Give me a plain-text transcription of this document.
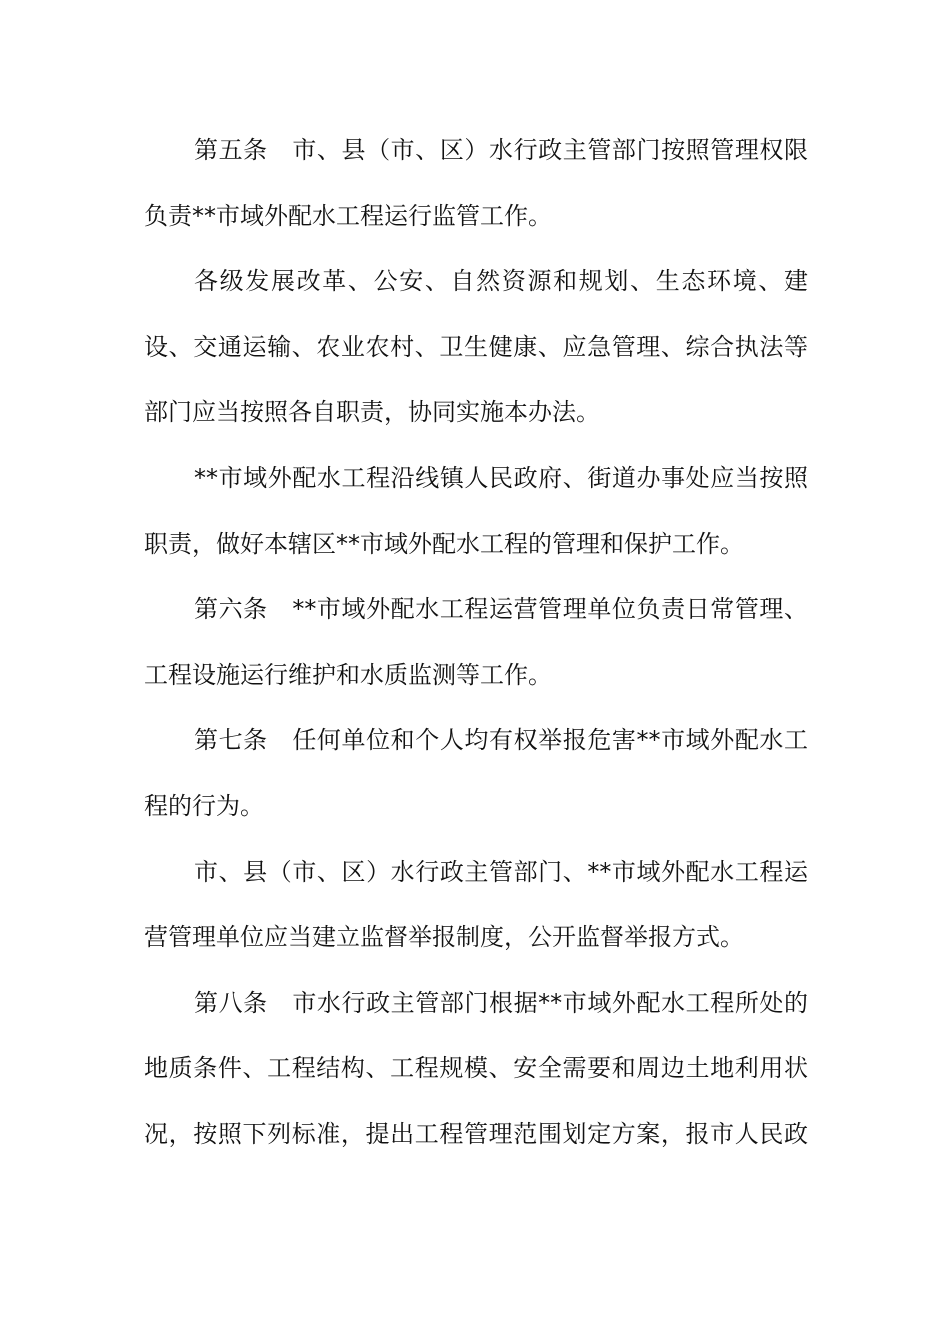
第五条　市、县（市、区）水行政主管部门按照管理权限
负责**市域外配水工程运行监管工作。
各级发展改革、公安、自然资源和规划、生态环境、建
设、交通运输、农业农村、卫生健康、应急管理、综合执法等
部门应当按照各自职责，协同实施本办法。
**市域外配水工程沿线镇人民政府、街道办事处应当按照
职责，做好本辖区**市域外配水工程的管理和保护工作。
第六条　**市域外配水工程运营管理单位负责日常管理、
工程设施运行维护和水质监测等工作。
第七条　任何单位和个人均有权举报危害**市域外配水工
程的行为。
市、县（市、区）水行政主管部门、**市域外配水工程运
营管理单位应当建立监督举报制度，公开监督举报方式。
第八条　市水行政主管部门根据**市域外配水工程所处的
地质条件、工程结构、工程规模、安全需要和周边土地利用状
况，按照下列标准，提出工程管理范围划定方案，报市人民政
